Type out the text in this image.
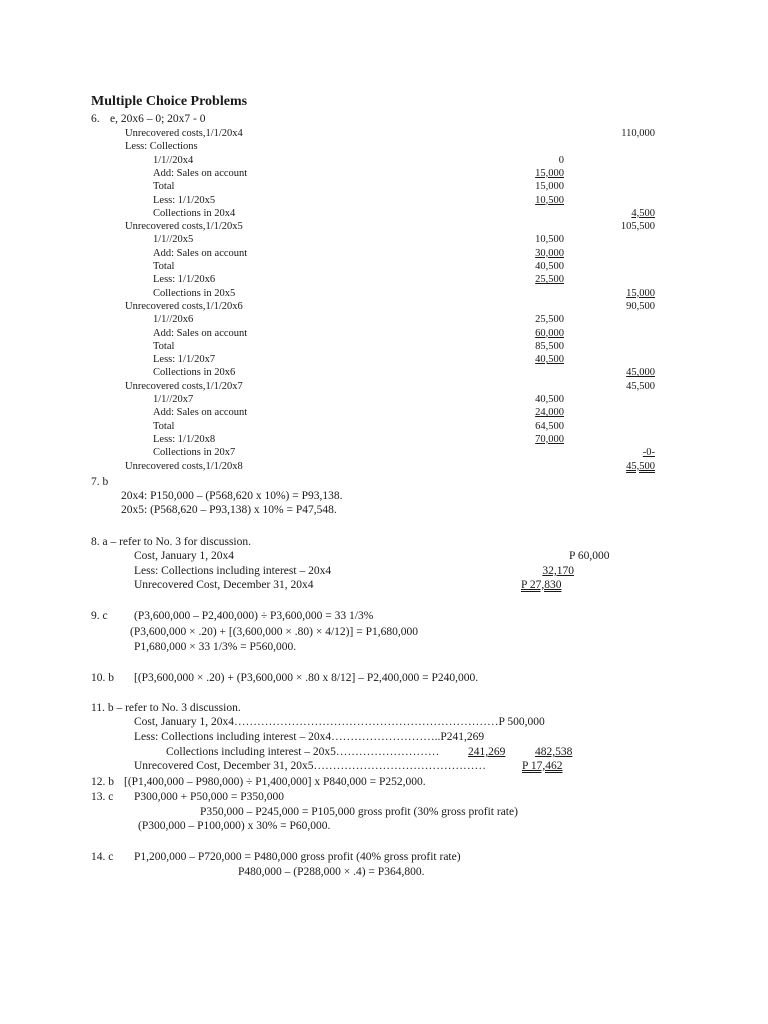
Multiple Choice Problems
6. e, 20x6 – 0; 20x7 - 0
Unrecovered costs,1/1/20x4	110,000
Less: Collections
1/1//20x4	0
Add: Sales on account	15,000
Total	15,000
Less: 1/1/20x5	10,500
Collections in 20x4	4,500
Unrecovered costs,1/1/20x5	105,500
1/1//20x5	10,500
Add: Sales on account	30,000
Total	40,500
Less: 1/1/20x6	25,500
Collections in 20x5	15,000
Unrecovered costs,1/1/20x6	90,500
1/1//20x6	25,500
Add: Sales on account	60,000
Total	85,500
Less: 1/1/20x7	40,500
Collections in 20x6	45,000
Unrecovered costs,1/1/20x7	45,500
1/1//20x7	40,500
Add: Sales on account	24,000
Total	64,500
Less: 1/1/20x8	70,000
Collections in 20x7	-0-
Unrecovered costs,1/1/20x8	45,500
7. b
20x4: P150,000 – (P568,620 x 10%) = P93,138.
20x5: (P568,620 – P93,138) x 10% = P47,548.
8. a – refer to No. 3 for discussion.
Cost, January 1, 20x4	P 60,000
Less: Collections including interest – 20x4	32,170
Unrecovered Cost, December 31, 20x4	P 27,830
9. c (P3,600,000 – P2,400,000) ÷ P3,600,000 = 33 1/3%
(P3,600,000 × .20) + [(3,600,000 × .80) × 4/12)] = P1,680,000
P1,680,000 × 33 1/3% = P560,000.
10. b [(P3,600,000 × .20) + (P3,600,000 × .80 x 8/12] – P2,400,000 = P240,000.
11. b – refer to No. 3 discussion.
Cost, January 1, 20x4……………………………………………………………P 500,000
Less: Collections including interest – 20x4………………………..P241,269
Collections including interest – 20x5……………………… 241,269	482,538
Unrecovered Cost, December 31, 20x5………………………………………	P 17,462
12. b [(P1,400,000 – P980,000) ÷ P1,400,000] x P840,000 = P252,000.
13. c P300,000 + P50,000 = P350,000
P350,000 – P245,000 = P105,000 gross profit (30% gross profit rate)
(P300,000 – P100,000) x 30% = P60,000.
14. c P1,200,000 – P720,000 = P480,000 gross profit (40% gross profit rate)
P480,000 – (P288,000 × .4) = P364,800.
